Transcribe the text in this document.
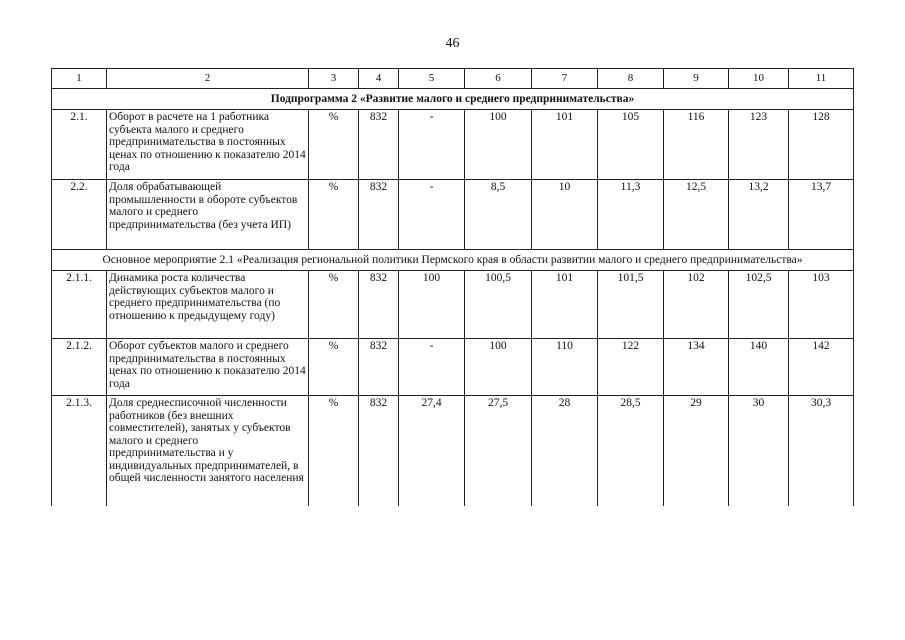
46
1	2	3	4	5	6	7	8	9	10	11
Подпрограмма 2 «Развитие малого и среднего предпринимательства»										
2.1.	Оборот в расчете на 1 работника субъекта малого и среднего предпринимательства в постоянных ценах по отношению к показателю 2014 года	%	832	-	100	101	105	116	123	128
2.2.	Доля обрабатывающей промышленности в обороте субъектов малого и среднего предпринимательства (без учета ИП)	%	832	-	8,5	10	11,3	12,5	13,2	13,7
Основное мероприятие 2.1 «Реализация региональной политики Пермского края в области развитии малого и среднего предпринимательства»										
2.1.1.	Динамика роста количества действующих субъектов малого и среднего предпринимательства (по отношению к предыдущему году)	%	832	100	100,5	101	101,5	102	102,5	103
2.1.2.	Оборот субъектов малого и среднего предпринимательства в постоянных ценах по отношению к показателю 2014 года	%	832	-	100	110	122	134	140	142
2.1.3.	Доля среднесписочной численности работников (без внешних совместителей), занятых у субъектов малого и среднего предпринимательства и у индивидуальных предпринимателей, в общей численности занятого населения	%	832	27,4	27,5	28	28,5	29	30	30,3
